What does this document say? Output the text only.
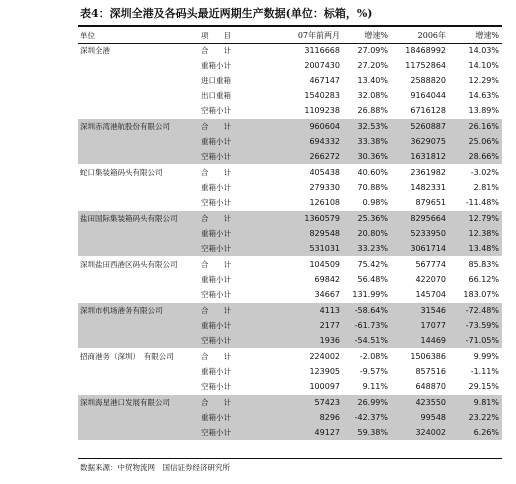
表4：深圳全港及各码头最近两期生产数据(单位：标箱，%)
单位	项　　目	07年前两月	增速%	2006年	增速%
深圳全港	合　　计	3116668	27.09%	18468992	14.03%
	重箱小计	2007430	27.20%	11752864	14.10%
	进口重箱	467147	13.40%	2588820	12.29%
	出口重箱	1540283	32.08%	9164044	14.63%
	空箱小计	1109238	26.88%	6716128	13.89%
深圳赤湾港航股份有限公司	合　　计	960604	32.53%	5260887	26.16%
	重箱小计	694332	33.38%	3629075	25.06%
	空箱小计	266272	30.36%	1631812	28.66%
蛇口集装箱码头有限公司	合　　计	405438	40.60%	2361982	-3.02%
	重箱小计	279330	70.88%	1482331	2.81%
	空箱小计	126108	0.98%	879651	-11.48%
盐田国际集装箱码头有限公司	合　　计	1360579	25.36%	8295664	12.79%
	重箱小计	829548	20.80%	5233950	12.38%
	空箱小计	531031	33.23%	3061714	13.48%
深圳盐田西港区码头有限公司	合　　计	104509	75.42%	567774	85.83%
	重箱小计	69842	56.48%	422070	66.12%
	空箱小计	34667	131.99%	145704	183.07%
深圳市机场港务有限公司	合　　计	4113	-58.64%	31546	-72.48%
	重箱小计	2177	-61.73%	17077	-73.59%
	空箱小计	1936	-54.51%	14469	-71.05%
招商港务（深圳）　有限公司	合　　计	224002	-2.08%	1506386	9.99%
	重箱小计	123905	-9.57%	857516	-1.11%
	空箱小计	100097	9.11%	648870	29.15%
深圳海星港口发展有限公司	合　　计	57423	26.99%	423550	9.81%
	重箱小计	8296	-42.37%	99548	23.22%
	空箱小计	49127	59.38%	324002	6.26%
数据来源：中贸物流网　国信证券经济研究所
